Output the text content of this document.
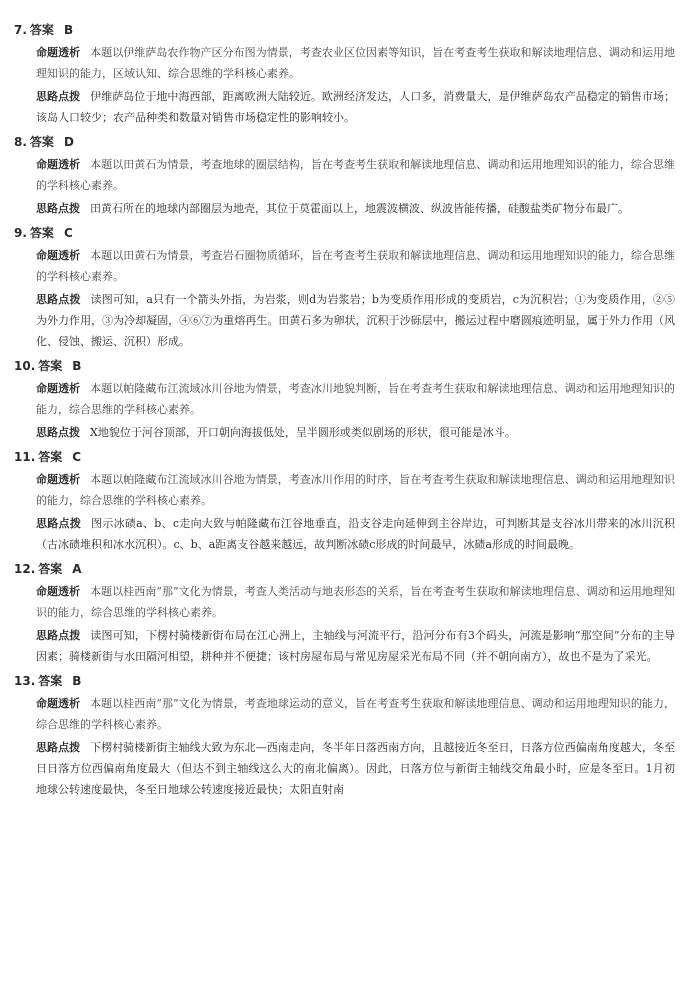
7. 答案 B

命题透析 本题以伊维萨岛农作物产区分布图为情景，考查农业区位因素等知识，旨在考查考生获取和解读地理信息、调动和运用地理知识的能力，区域认知、综合思维的学科核心素养。

思路点拨 伊维萨岛位于地中海西部，距离欧洲大陆较近。欧洲经济发达，人口多，消费量大，是伊维萨岛农产品稳定的销售市场；该岛人口较少；农产品种类和数量对销售市场稳定性的影响较小。

8. 答案 D

命题透析 本题以田黄石为情景，考查地球的圈层结构，旨在考查考生获取和解读地理信息、调动和运用地理知识的能力，综合思维的学科核心素养。

思路点拨 田黄石所在的地球内部圈层为地壳，其位于莫霍面以上，地震波横波、纵波皆能传播，硅酸盐类矿物分布最广。

9. 答案 C

命题透析 本题以田黄石为情景，考查岩石圈物质循环，旨在考查考生获取和解读地理信息、调动和运用地理知识的能力，综合思维的学科核心素养。

思路点拨 读图可知，a只有一个箭头外指，为岩浆，则d为岩浆岩；b为变质作用形成的变质岩，c为沉积岩；①为变质作用，②⑤为外力作用，③为冷却凝固，④⑥⑦为重熔再生。田黄石多为卵状，沉积于沙砾层中，搬运过程中磨圆痕迹明显，属于外力作用（风化、侵蚀、搬运、沉积）形成。

10. 答案 B

命题透析 本题以帕隆藏布江流域冰川谷地为情景，考查冰川地貌判断，旨在考查考生获取和解读地理信息、调动和运用地理知识的能力，综合思维的学科核心素养。

思路点拨 X地貌位于河谷顶部，开口朝向海拔低处，呈半圆形或类似剧场的形状，很可能是冰斗。

11. 答案 C

命题透析 本题以帕隆藏布江流域冰川谷地为情景，考查冰川作用的时序，旨在考查考生获取和解读地理信息、调动和运用地理知识的能力，综合思维的学科核心素养。

思路点拨 图示冰碛a、b、c走向大致与帕隆藏布江谷地垂直，沿支谷走向延伸到主谷岸边，可判断其是支谷冰川带来的冰川沉积（古冰碛堆积和冰水沉积）。c、b、a距离支谷越来越远，故判断冰碛c形成的时间最早，冰碛a形成的时间最晚。

12. 答案 A

命题透析 本题以桂西南“那”文化为情景，考查人类活动与地表形态的关系，旨在考查考生获取和解读地理信息、调动和运用地理知识的能力，综合思维的学科核心素养。

思路点拨 读图可知，下楞村骑楼新街布局在江心洲上，主轴线与河流平行，沿河分布有3个码头，河流是影响“那空间”分布的主导因素；骑楼新街与水田隔河相望，耕种并不便捷；该村房屋布局与常见房屋采光布局不同（并不朝向南方），故也不是为了采光。

13. 答案 B

命题透析 本题以桂西南“那”文化为情景，考查地球运动的意义，旨在考查考生获取和解读地理信息、调动和运用地理知识的能力，综合思维的学科核心素养。

思路点拨 下楞村骑楼新街主轴线大致为东北—西南走向，冬半年日落西南方向，且越接近冬至日，日落方位西偏南角度越大，冬至日日落方位西偏南角度最大（但达不到主轴线这么大的南北偏离）。因此，日落方位与新街主轴线交角最小时，应是冬至日。1月初地球公转速度最快，冬至日地球公转速度接近最快；太阳直射南
